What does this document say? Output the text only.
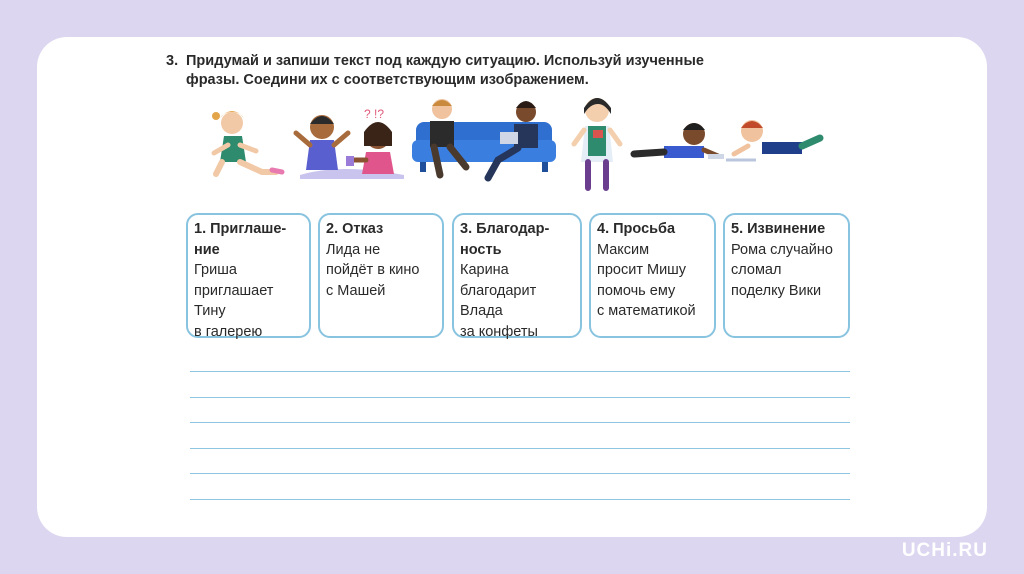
3. Придумай и запиши текст под каждую ситуацию. Используй изученные
фразы. Соедини их с соответствующим изображением.

? !?
1. Приглаше-
ние
Гриша
приглашает
Тину
в галерею
2. Отказ
Лида не
пойдёт в кино
с Машей
3. Благодар-
ность
Карина
благодарит
Влада
за конфеты
4. Просьба
Максим
просит Мишу
помочь ему
с математикой
5. Извинение
Рома случайно
сломал
поделку Вики
UCHi.RU
